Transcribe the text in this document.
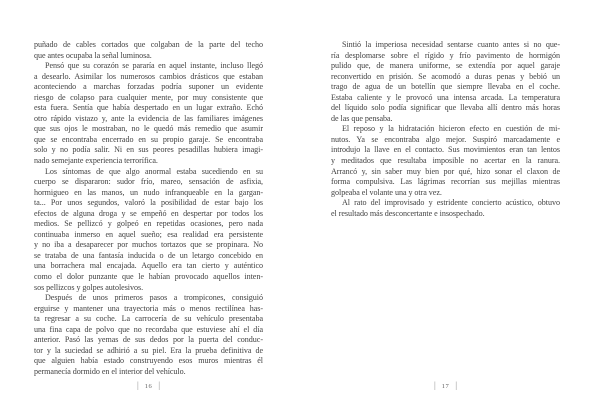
puñado de cables cortados que colgaban de la parte del techo
que antes ocupaba la señal luminosa.
Pensó que su corazón se pararía en aquel instante, incluso llegó
a desearlo. Asimilar los numerosos cambios drásticos que estaban
aconteciendo a marchas forzadas podría suponer un evidente
riesgo de colapso para cualquier mente, por muy consistente que
esta fuera. Sentía que había despertado en un lugar extraño. Echó
otro rápido vistazo y, ante la evidencia de las familiares imágenes
que sus ojos le mostraban, no le quedó más remedio que asumir
que se encontraba encerrado en su propio garaje. Se encontraba
solo y no podía salir. Ni en sus peores pesadillas hubiera imagi-
nado semejante experiencia terrorífica.
Los síntomas de que algo anormal estaba sucediendo en su
cuerpo se dispararon: sudor frío, mareo, sensación de asfixia,
hormigueo en las manos, un nudo infranqueable en la gargan-
ta... Por unos segundos, valoró la posibilidad de estar bajo los
efectos de alguna droga y se empeñó en despertar por todos los
medios. Se pellizcó y golpeó en repetidas ocasiones, pero nada
continuaba inmerso en aquel sueño; esa realidad era persistente
y no iba a desaparecer por muchos tortazos que se propinara. No
se trataba de una fantasía inducida o de un letargo concebido en
una borrachera mal encajada. Aquello era tan cierto y auténtico
como el dolor punzante que le habían provocado aquellos inten-
sos pellizcos y golpes autolesivos.
Después de unos primeros pasos a trompicones, consiguió
erguirse y mantener una trayectoria más o menos rectilínea has-
ta regresar a su coche. La carrocería de su vehículo presentaba
una fina capa de polvo que no recordaba que estuviese ahí el día
anterior. Pasó las yemas de sus dedos por la puerta del conduc-
tor y la suciedad se adhirió a su piel. Era la prueba definitiva de
que alguien había estado construyendo esos muros mientras él
permanecía dormido en el interior del vehículo.
| 16 |
Sintió la imperiosa necesidad sentarse cuanto antes si no que-
ría desplomarse sobre el rígido y frío pavimento de hormigón
pulido que, de manera uniforme, se extendía por aquel garaje
reconvertido en prisión. Se acomodó a duras penas y bebió un
trago de agua de un botellín que siempre llevaba en el coche.
Estaba caliente y le provocó una intensa arcada. La temperatura
del líquido solo podía significar que llevaba allí dentro más horas
de las que pensaba.
El reposo y la hidratación hicieron efecto en cuestión de mi-
nutos. Ya se encontraba algo mejor. Suspiró marcadamente e
introdujo la llave en el contacto. Sus movimientos eran tan lentos
y meditados que resultaba imposible no acertar en la ranura.
Arrancó y, sin saber muy bien por qué, hizo sonar el claxon de
forma compulsiva. Las lágrimas recorrían sus mejillas mientras
golpeaba el volante una y otra vez.
Al rato del improvisado y estridente concierto acústico, obtuvo
el resultado más desconcertante e insospechado.
| 17 |
